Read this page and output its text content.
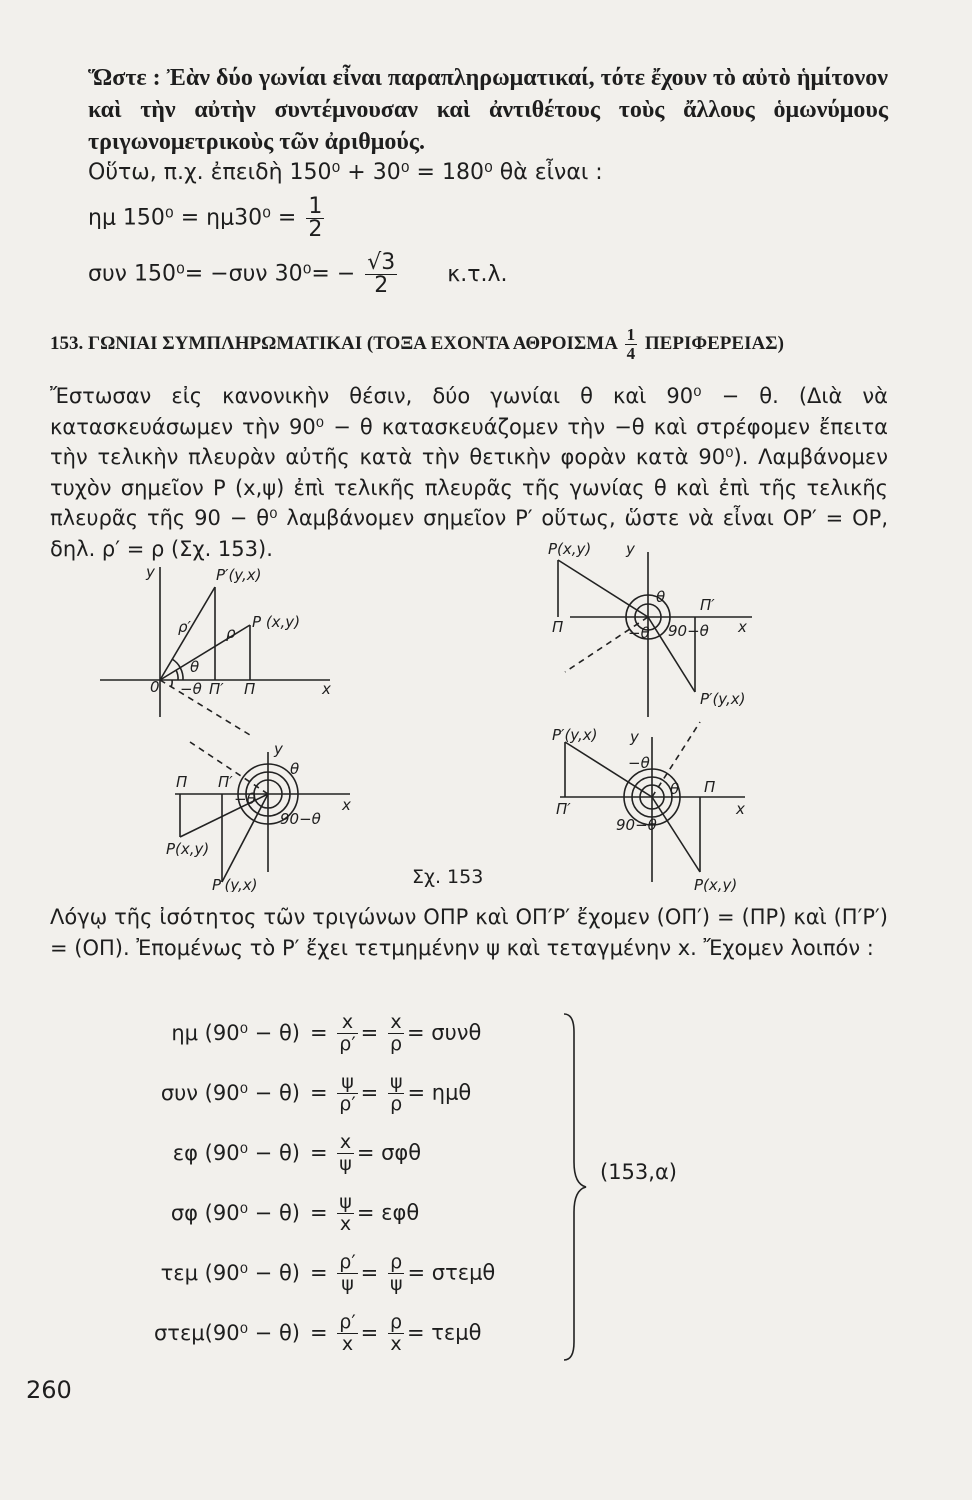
Ὥστε : Ἐὰν δύο γωνίαι εἶναι παραπληρωματικαί, τότε ἔχουν τὸ αὐτὸ ἡμίτονον καὶ τὴν αὐτὴν συντέμνουσαν καὶ ἀντιθέτους τοὺς ἄλλους ὁμωνύμους τριγωνομετρικοὺς τῶν ἀριθμούς.
Οὕτω, π.χ. ἐπειδὴ 150⁰ + 30⁰ = 180⁰ θὰ εἶναι :
ημ $150^0 = \eta\mu 30^0 = \frac{1}{2}$
συν 150⁰= −συν $30^0= - \frac{√3}{2} \kappa.\tau.\lambda$.
153. ΓΩΝΙΑΙ ΣΥΜΠΛΗΡΩΜΑΤΙΚΑΙ (ΤΟΞΑ ΕΧΟΝΤΑ ΑΘΡΟΙΣΜΑ $\frac{1}{4} \Pi EPI\Phi EPEIA\Sigma$)
Ἔστωσαν εἰς κανονικὴν θέσιν, δύο γωνίαι θ καὶ 90⁰ − θ. (Διὰ νὰ κατασκευάσωμεν τὴν 90⁰ − θ κατασκευάζομεν τὴν −θ καὶ στρέφομεν ἔπειτα τὴν τελικὴν πλευρὰν αὐτῆς κατὰ τὴν θετικὴν φορὰν κατὰ 90⁰). Λαμβάνομεν τυχὸν σημεῖον Ρ (x,ψ) ἐπὶ τελικῆς πλευρᾶς τῆς γωνίας θ καὶ ἐπὶ τῆς τελικῆς πλευρᾶς τῆς 90 − θ⁰ λαμβάνομεν σημεῖον Ρ′ οὕτως, ὥστε νὰ εἶναι ΟΡ′ = ΟΡ, δηλ. ρ′ = ρ (Σχ. 153).
y
x
0
P (x,y)
P′(y,x)
Π
Π′
ρ
ρ′
θ
−θ
y
x
θ
−θ
90−θ
Π Π′
P(x,y)
P′(y,x)
P(x,y) y
x
Π
Π′
θ
−θ 90−θ
P′(y,x)
P′(y,x) y
x
−θ
θ
90−θ
Π
Π′
P(x,y)
Σχ. 153
Λόγῳ τῆς ἰσότητος τῶν τριγώνων ΟΠΡ καὶ ΟΠ′Ρ′ ἔχομεν (ΟΠ′) = (ΠΡ) καὶ (Π′Ρ′) = (ΟΠ). Ἐπομένως τὸ Ρ′ ἔχει τετμημένην ψ καὶ τεταγμένην x. Ἔχομεν λοιπόν :
ημ $(90^0 - \theta) = \frac{x}{\rho'} = \frac{x}{\rho} = \sigma\upsilon\nu\theta$
συν $(90^0 - \theta) = \frac{\psi}{\rho'} = \frac{\psi}{\rho} = \eta\mu\theta$
εφ $(90^0 - \theta) = \frac{x}{\psi} = \sigma\varphi\theta$
σφ $(90^0 - \theta) = \frac{\psi}{x} = \varepsilon\varphi\theta$
τεμ $(90^0 - \theta) = \frac{\rho'}{\psi} = \frac{\rho}{\psi} = \sigma\tau\varepsilon\mu\theta$
$\sigma\tau\varepsilon\mu(90^0 - \theta) = \frac{\rho'}{x} = \frac{\rho}{x} = \tau\varepsilon\mu\theta$
(153,α)
260
